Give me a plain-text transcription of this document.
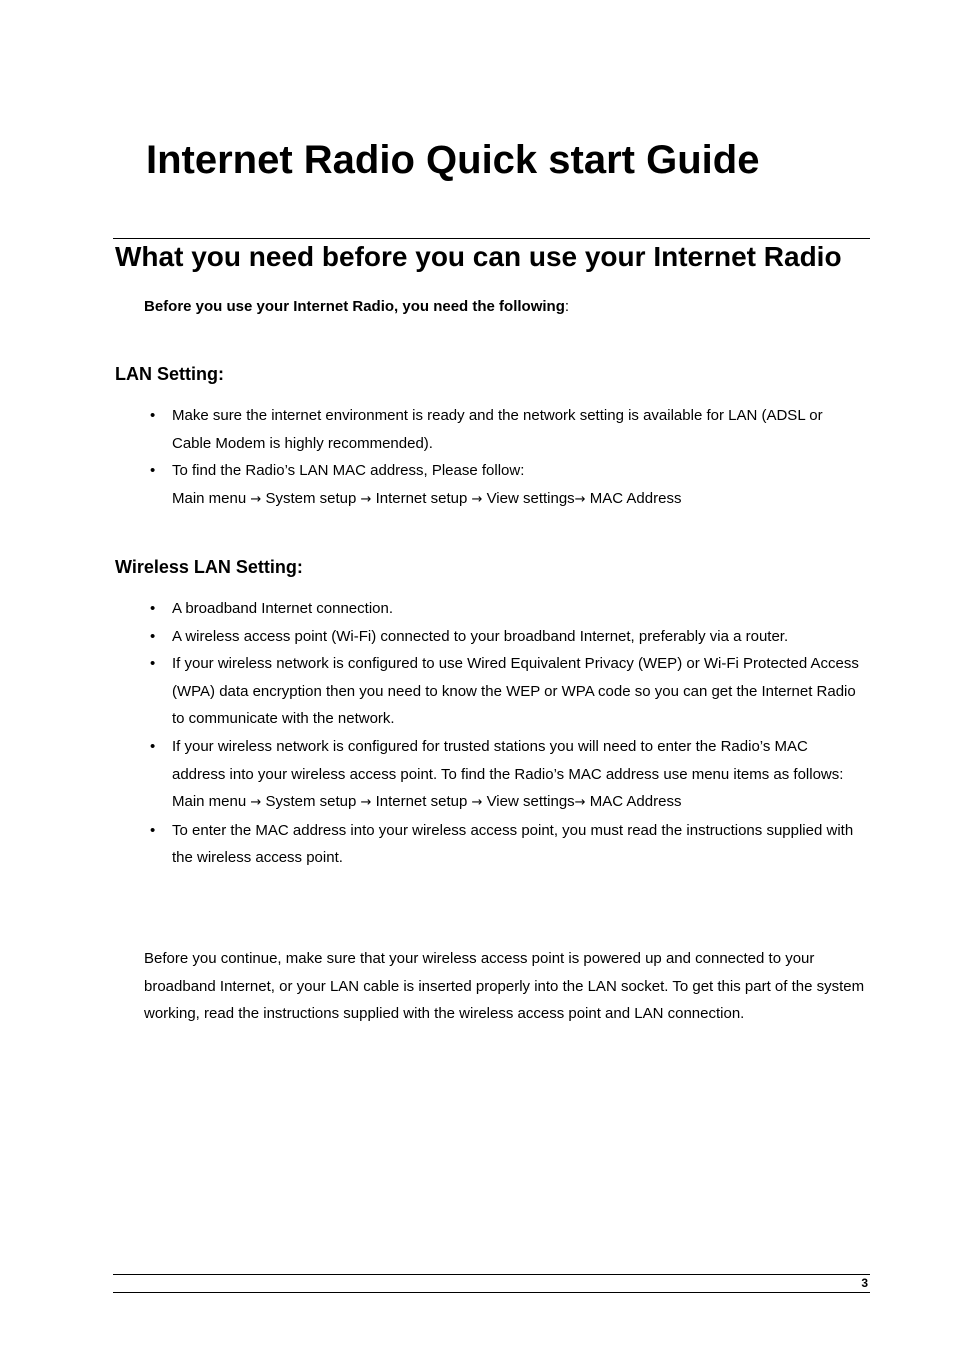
Internet Radio Quick start Guide
What you need before you can use your Internet Radio
Before you use your Internet Radio, you need the following:
LAN Setting:
•	Make sure the internet environment is ready and the network setting is available for LAN (ADSL or Cable Modem is highly recommended).
•	To find the Radio’s LAN MAC address, Please follow:
Main menu → System setup → Internet setup → View settings→ MAC Address
Wireless LAN Setting:
•	A broadband Internet connection.
•	A wireless access point (Wi-Fi) connected to your broadband Internet, preferably via a router.
•	If your wireless network is configured to use Wired Equivalent Privacy (WEP) or Wi-Fi Protected Access (WPA) data encryption then you need to know the WEP or WPA code so you can get the Internet Radio to communicate with the network.
•	If your wireless network is configured for trusted stations you will need to enter the Radio’s MAC address into your wireless access point. To find the Radio’s MAC address use menu items as follows:
Main menu → System setup → Internet setup → View settings→ MAC Address
•	To enter the MAC address into your wireless access point, you must read the instructions supplied with the wireless access point.

Before you continue, make sure that your wireless access point is powered up and connected to your broadband Internet, or your LAN cable is inserted properly into the LAN socket. To get this part of the system working, read the instructions supplied with the wireless access point and LAN connection.

3
